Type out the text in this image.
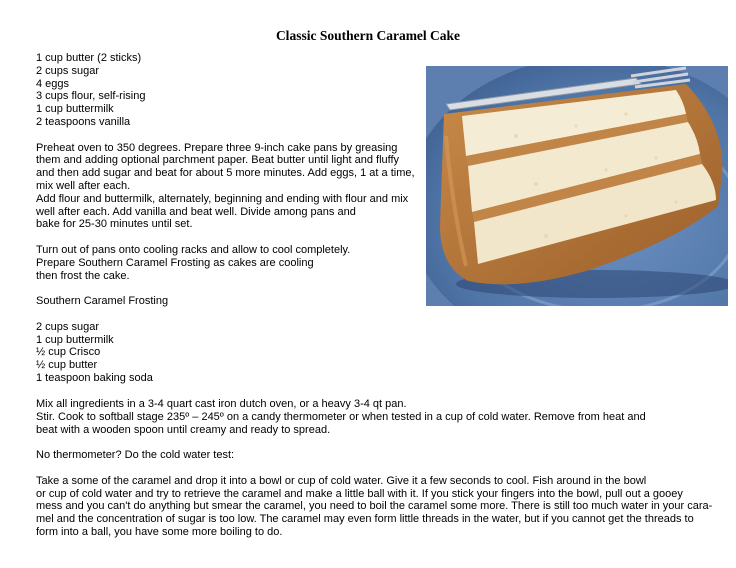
Classic Southern Caramel Cake
1 cup butter (2 sticks)
2 cups sugar
4 eggs
3 cups flour, self-rising
1 cup buttermilk
2 teaspoons vanilla
Preheat oven to 350 degrees. Prepare three 9-inch cake pans by greasing
them and adding optional parchment paper. Beat butter until light and fluffy
and then add sugar and beat for about 5 more minutes. Add eggs, 1 at a time,
mix well after each.
Add flour and buttermilk, alternately, beginning and ending with flour and mix
well after each. Add vanilla and beat well. Divide among pans and
bake for 25-30 minutes until set.
Turn out of pans onto cooling racks and allow to cool completely.
Prepare Southern Caramel Frosting as cakes are cooling
then frost the cake.
Southern Caramel Frosting
2 cups sugar
1 cup buttermilk
½ cup Crisco
½ cup butter
1 teaspoon baking soda
Mix all ingredients in a 3-4 quart cast iron dutch oven, or a heavy 3-4 qt pan.
Stir. Cook to softball stage 235º – 245º on a candy thermometer or when tested in a cup of cold water. Remove from heat and
beat with a wooden spoon until creamy and ready to spread.
No thermometer? Do the cold water test:
Take a some of the caramel and drop it into a bowl or cup of cold water. Give it a few seconds to cool. Fish around in the bowl
or cup of cold water and try to retrieve the caramel and make a little ball with it. If you stick your fingers into the bowl, pull out a gooey
mess and you can't do anything but smear the caramel, you need to boil the caramel some more. There is still too much water in your cara-
mel and the concentration of sugar is too low. The caramel may even form little threads in the water, but if you cannot get the threads to
form into a ball, you have some more boiling to do.
